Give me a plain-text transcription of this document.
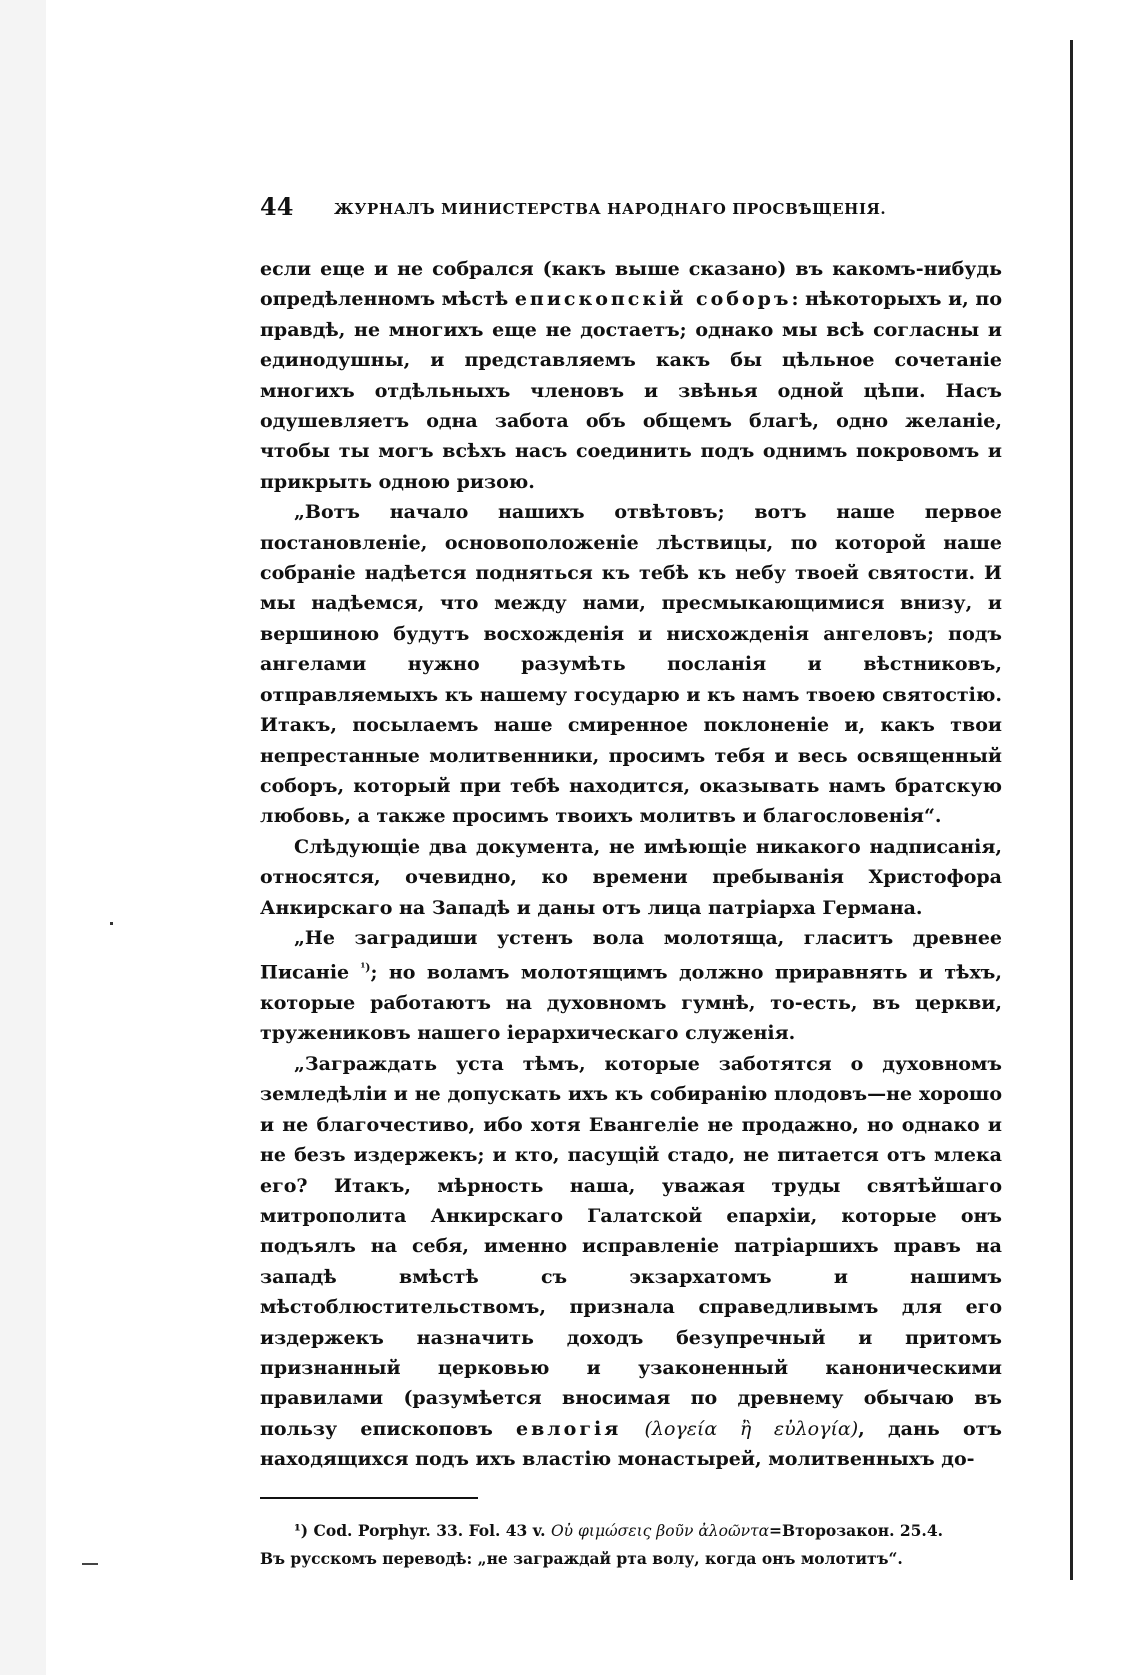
44	ЖУРНАЛЪ МИНИСТЕРСТВА НАРОДНАГО ПРОСВѢЩЕНІЯ.

если еще и не собрался (какъ выше сказано) въ какомъ-нибудь опредѣленномъ мѣстѣ епископскій соборъ: нѣкоторыхъ и, по правдѣ, не многихъ еще не достаетъ; однако мы всѣ согласны и единодушны, и представляемъ какъ бы цѣльное сочетаніе многихъ отдѣльныхъ членовъ и звѣнья одной цѣпи. Насъ одушевляетъ одна забота объ общемъ благѣ, одно желаніе, чтобы ты могъ всѣхъ насъ соединить подъ однимъ покровомъ и прикрыть одною ризою.

„Вотъ начало нашихъ отвѣтовъ; вотъ наше первое постановленіе, основоположеніе лѣствицы, по которой наше собраніе надѣется подняться къ тебѣ къ небу твоей святости. И мы надѣемся, что между нами, пресмыкающимися внизу, и вершиною будутъ восхожденія и нисхожденія ангеловъ; подъ ангелами нужно разумѣть посланія и вѣстниковъ, отправляемыхъ къ нашему государю и къ намъ твоею святостію. Итакъ, посылаемъ наше смиренное поклоненіе и, какъ твои непрестанные молитвенники, просимъ тебя и весь освященный соборъ, который при тебѣ находится, оказывать намъ братскую любовь, а также просимъ твоихъ молитвъ и благословенія“.

Слѣдующіе два документа, не имѣющіе никакого надписанія, относятся, очевидно, ко времени пребыванія Христофора Анкирскаго на Западѣ и даны отъ лица патріарха Германа.

„Не заградиши устенъ вола молотяща, гласитъ древнее Писаніе $^{^1)}$; но воламъ молотящимъ должно приравнять и тѣхъ, которые работаютъ на духовномъ гумнѣ, то-есть, въ церкви, тружениковъ нашего іерархическаго служенія.

„Заграждать уста тѣмъ, которые заботятся о духовномъ земледѣліи и не допускать ихъ къ собиранію плодовъ—не хорошо и не благочестиво, ибо хотя Евангеліе не продажно, но однако и не безъ издержекъ; и кто, пасущій стадо, не питается отъ млека его? Итакъ, мѣрность наша, уважая труды святѣйшаго митрополита Анкирскаго Галатской епархіи, которые онъ подъялъ на себя, именно исправленіе патріаршихъ правъ на западѣ вмѣстѣ съ экзархатомъ и нашимъ мѣстоблюстительствомъ, признала справедливымъ для его издержекъ назначить доходъ безупречный и притомъ признанный церковью и узаконенный каноническими правилами (разумѣется вносимая по древнему обычаю въ пользу епископовъ евлогія (λογεία ἢ εὐλογία), дань отъ находящихся подъ ихъ властію монастырей, молитвенныхъ до-

¹) Cod. Porphyr. 33. Fol. 43 v. Οὐ φιμώσεις βοῦν ἀλοῶντα=Второзакон. 25.4.

Въ русскомъ переводѣ: „не заграждай рта волу, когда онъ молотитъ“.
